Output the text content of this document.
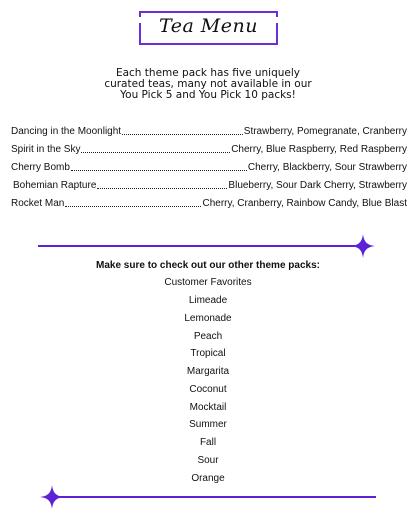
Tea Menu
Each theme pack has five uniquely
curated teas, many not available in our
You Pick 5 and You Pick 10 packs!
Dancing in the Moonlight	Strawberry, Pomegranate, Cranberry
Spirit in the Sky	Cherry, Blue Raspberry, Red Raspberry
Cherry Bomb	Cherry, Blackberry, Sour Strawberry
Bohemian Rapture	Blueberry, Sour Dark Cherry, Strawberry
Rocket Man	Cherry, Cranberry, Rainbow Candy, Blue Blast
Make sure to check out our other theme packs:
Customer Favorites
Limeade
Lemonade
Peach
Tropical
Margarita
Coconut
Mocktail
Summer
Fall
Sour
Orange
